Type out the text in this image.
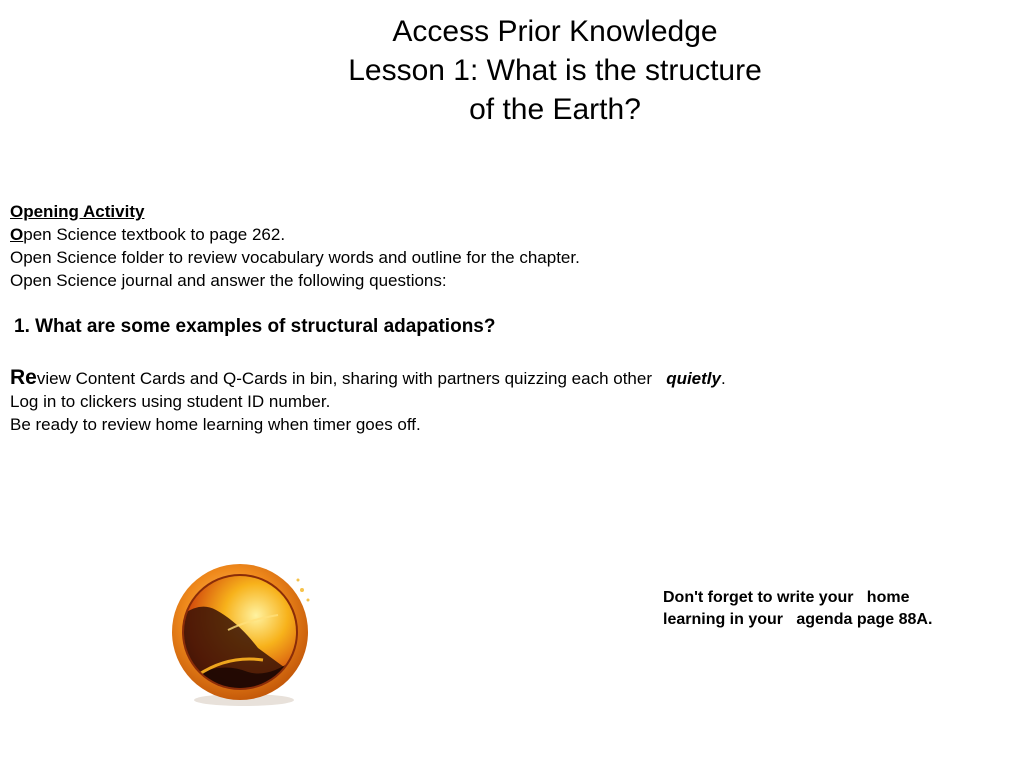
Access Prior Knowledge
Lesson 1: What is the structure
of the Earth?
Opening Activity
Open Science textbook to page 262.
Open Science folder to review vocabulary words and outline for the chapter.
Open Science journal and answer the following questions:
1. What are some examples of structural adapations?
Review Content Cards and Q-Cards in bin, sharing with partners quizzing each other quietly.
Log in to clickers using student ID number.
Be ready to review home learning when timer goes off.
Don't forget to write your   home
learning in your   agenda page 88A.
